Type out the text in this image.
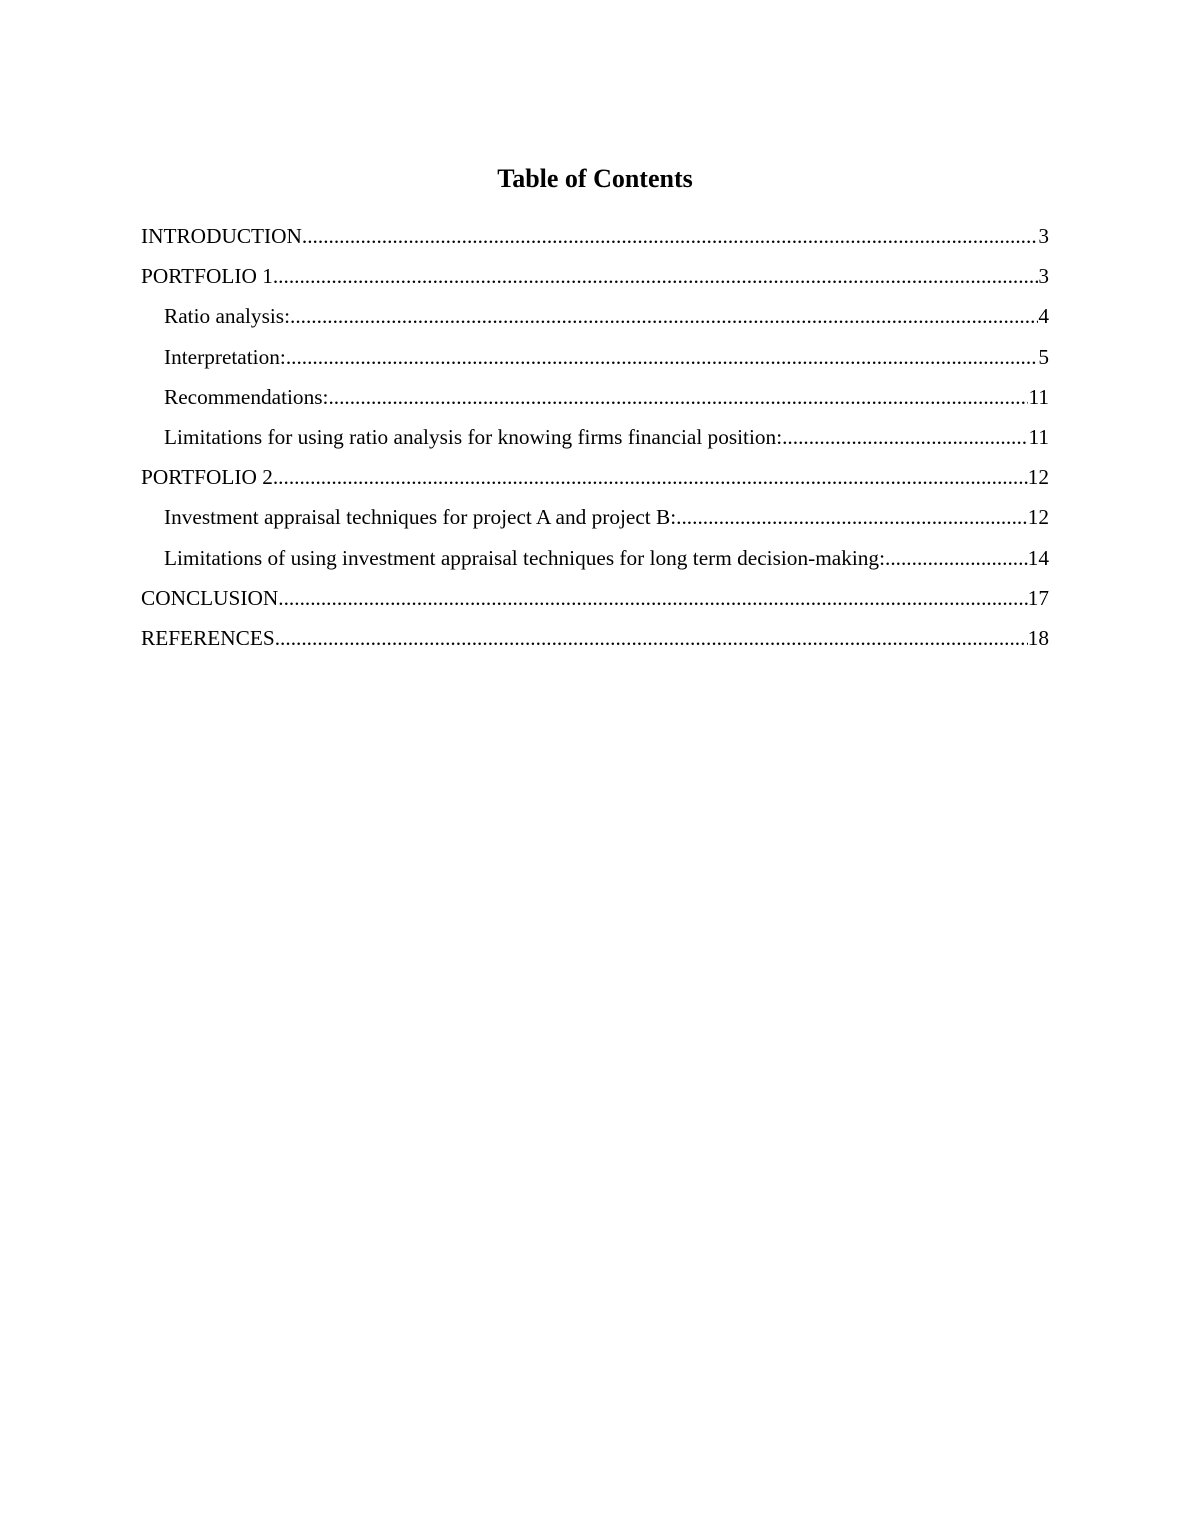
Table of Contents
INTRODUCTION .....	3
PORTFOLIO 1 .....	3
Ratio analysis: .....	4
Interpretation: .....	5
Recommendations: .....	11
Limitations for using ratio analysis for knowing firms financial position: .....	11
PORTFOLIO 2 .....	12
Investment appraisal techniques for project A and project B: .....	12
Limitations of using investment appraisal techniques for long term decision-making: .....	14
CONCLUSION .....	17
REFERENCES .....	18
